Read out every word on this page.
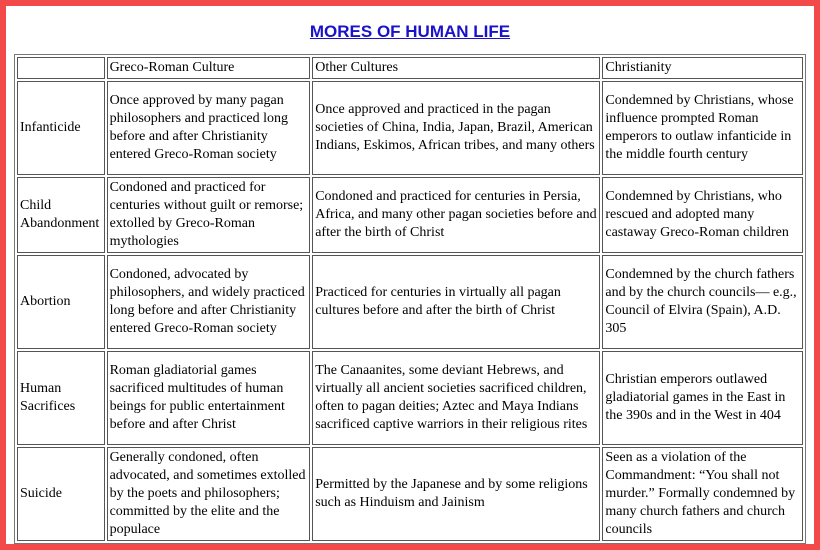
MORES OF HUMAN LIFE
	Greco-Roman Culture	Other Cultures	Christianity
Infanticide	Once approved by many pagan philosophers and practiced long before and after Christianity entered Greco-Roman society	Once approved and practiced in the pagan societies of China, India, Japan, Brazil, American Indians, Eskimos, African tribes, and many others	Condemned by Christians, whose influence prompted Roman emperors to outlaw infanticide in the middle fourth century
Child Abandonment	Condoned and practiced for centuries without guilt or remorse; extolled by Greco-Roman mythologies	Condoned and practiced for centuries in Persia, Africa, and many other pagan societies before and after the birth of Christ	Condemned by Christians, who rescued and adopted many castaway Greco-Roman children
Abortion	Condoned, advocated by philosophers, and widely practiced long before and after Christianity entered Greco-Roman society	Practiced for centuries in virtually all pagan cultures before and after the birth of Christ	Condemned by the church fathers and by the church councils— e.g., Council of Elvira (Spain), A.D. 305
Human Sacrifices	Roman gladiatorial games sacrificed multitudes of human beings for public entertainment before and after Christ	The Canaanites, some deviant Hebrews, and virtually all ancient societies sacrificed children, often to pagan deities; Aztec and Maya Indians sacrificed captive warriors in their religious rites	Christian emperors outlawed gladiatorial games in the East in the 390s and in the West in 404
Suicide	Generally condoned, often advocated, and sometimes extolled by the poets and philosophers; committed by the elite and the populace	Permitted by the Japanese and by some religions such as Hinduism and Jainism	Seen as a violation of the Commandment: “You shall not murder.” Formally condemned by many church fathers and church councils
